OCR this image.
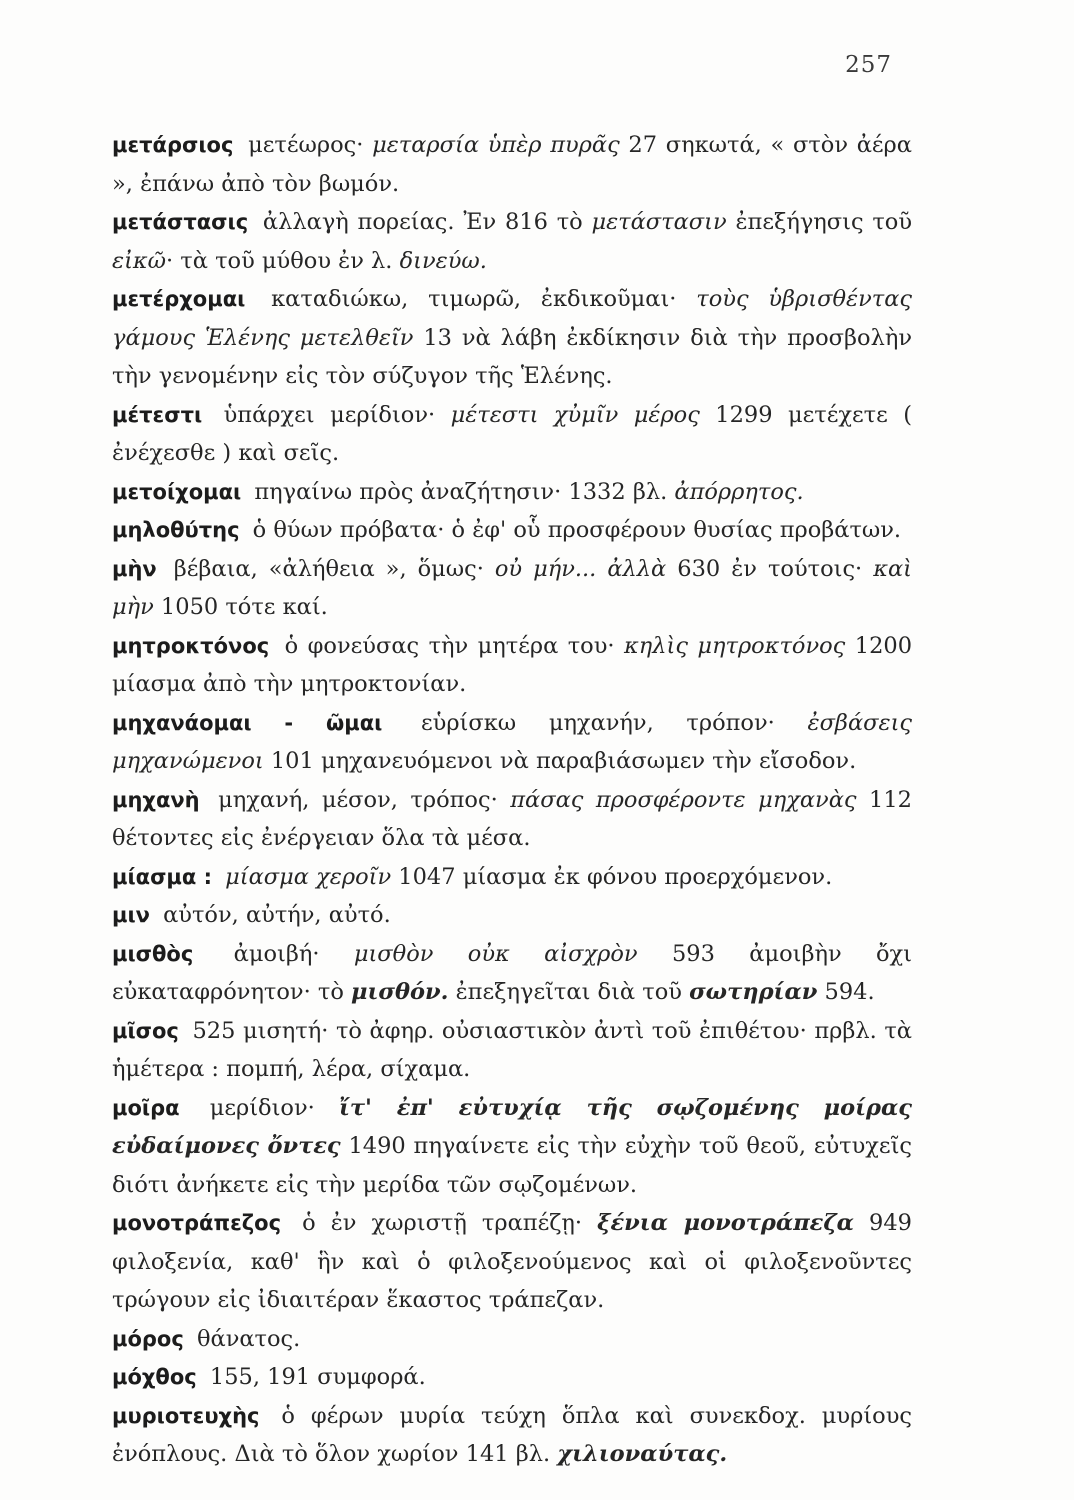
257

μετάρσιος μετέωρος· μεταρσία ὑπὲρ πυρᾶς 27 σηκωτά, « στὸν ἀέρα », ἐπάνω ἀπὸ τὸν βωμόν.

μετάστασις ἀλλαγὴ πορείας. Ἐν 816 τὸ μετάστασιν ἐπεξήγησις τοῦ εἰκῶ· τὰ τοῦ μύθου ἐν λ. δινεύω.

μετέρχομαι καταδιώκω, τιμωρῶ, ἐκδικοῦμαι· τοὺς ὑβρισθέντας γάμους Ἑλένης μετελθεῖν 13 νὰ λάβη ἐκδίκησιν διὰ τὴν προσβολὴν τὴν γενομένην εἰς τὸν σύζυγον τῆς Ἑλένης.

μέτεστι ὑπάρχει μερίδιον· μέτεστι χὐμῖν μέρος 1299 μετέχετε ( ἐνέχεσθε ) καὶ σεῖς.

μετοίχομαι πηγαίνω πρὸς ἀναζήτησιν· 1332 βλ. ἀπόρρητος.

μηλοθύτης ὁ θύων πρόβατα· ὁ ἐφ' οὗ προσφέρουν θυσίας προβάτων.

μὴν βέβαια, «ἀλήθεια », ὅμως· οὐ μήν... ἀλλὰ 630 ἐν τούτοις· καὶ μὴν 1050 τότε καί.

μητροκτόνος ὁ φονεύσας τὴν μητέρα του· κηλὶς μητροκτόνος 1200 μίασμα ἀπὸ τὴν μητροκτονίαν.

μηχανάομαι - ῶμαι εὑρίσκω μηχανήν, τρόπον· ἐσβάσεις μηχανώμενοι 101 μηχανευόμενοι νὰ παραβιάσωμεν τὴν εἴσοδον.

μηχανὴ μηχανή, μέσον, τρόπος· πάσας προσφέροντε μηχανὰς 112 θέτοντες εἰς ἐνέργειαν ὅλα τὰ μέσα.

μίασμα : μίασμα χεροῖν 1047 μίασμα ἐκ φόνου προερχόμενον.

μιν αὐτόν, αὐτήν, αὐτό.

μισθὸς ἀμοιβή· μισθὸν οὐκ αἰσχρὸν 593 ἀμοιβὴν ὄχι εὐκαταφρόνητον· τὸ μισθόν. ἐπεξηγεῖται διὰ τοῦ σωτηρίαν 594.

μῖσος 525 μισητή· τὸ ἀφηρ. οὐσιαστικὸν ἀντὶ τοῦ ἐπιθέτου· πρβλ. τὰ ἡμέτερα : πομπή, λέρα, σίχαμα.

μοῖρα μερίδιον· ἴτ' ἐπ' εὐτυχίᾳ τῆς σῳζομένης μοίρας εὐδαίμονες ὄντες 1490 πηγαίνετε εἰς τὴν εὐχὴν τοῦ θεοῦ, εὐτυχεῖς διότι ἀνήκετε εἰς τὴν μερίδα τῶν σῳζομένων.

μονοτράπεζος ὁ ἐν χωριστῇ τραπέζῃ· ξένια μονοτράπεζα 949 φιλοξενία, καθ' ἣν καὶ ὁ φιλοξενούμενος καὶ οἱ φιλοξενοῦντες τρώγουν εἰς ἰδιαιτέραν ἕκαστος τράπεζαν.

μόρος θάνατος.

μόχθος 155, 191 συμφορά.

μυριοτευχὴς ὁ φέρων μυρία τεύχη ὅπλα καὶ συνεκδοχ. μυρίους ἐνόπλους. Διὰ τὸ ὅλον χωρίον 141 βλ. χιλιοναύτας.
